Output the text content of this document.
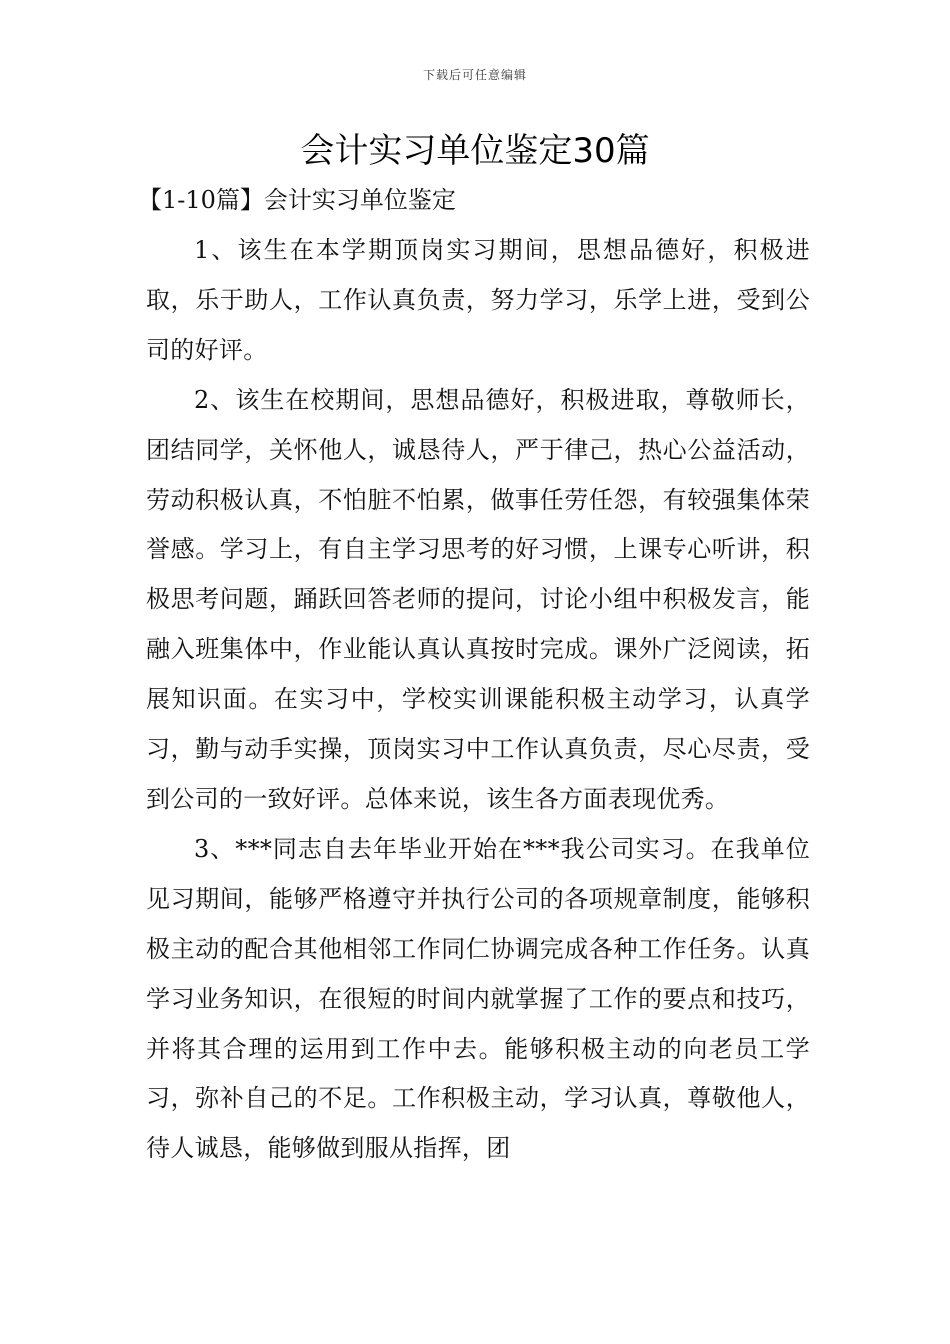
下载后可任意编辑
会计实习单位鉴定30篇
【1-10篇】会计实习单位鉴定

1、该生在本学期顶岗实习期间，思想品德好，积极进取，乐于助人，工作认真负责，努力学习，乐学上进，受到公司的好评。

2、该生在校期间，思想品德好，积极进取，尊敬师长，团结同学，关怀他人，诚恳待人，严于律己，热心公益活动，劳动积极认真，不怕脏不怕累，做事任劳任怨，有较强集体荣誉感。学习上，有自主学习思考的好习惯，上课专心听讲，积极思考问题，踊跃回答老师的提问，讨论小组中积极发言，能融入班集体中，作业能认真认真按时完成。课外广泛阅读，拓展知识面。在实习中，学校实训课能积极主动学习，认真学习，勤与动手实操，顶岗实习中工作认真负责，尽心尽责，受到公司的一致好评。总体来说，该生各方面表现优秀。

3、***同志自去年毕业开始在***我公司实习。在我单位见习期间，能够严格遵守并执行公司的各项规章制度，能够积极主动的配合其他相邻工作同仁协调完成各种工作任务。认真学习业务知识，在很短的时间内就掌握了工作的要点和技巧，并将其合理的运用到工作中去。能够积极主动的向老员工学习，弥补自己的不足。工作积极主动，学习认真，尊敬他人，待人诚恳，能够做到服从指挥，团
